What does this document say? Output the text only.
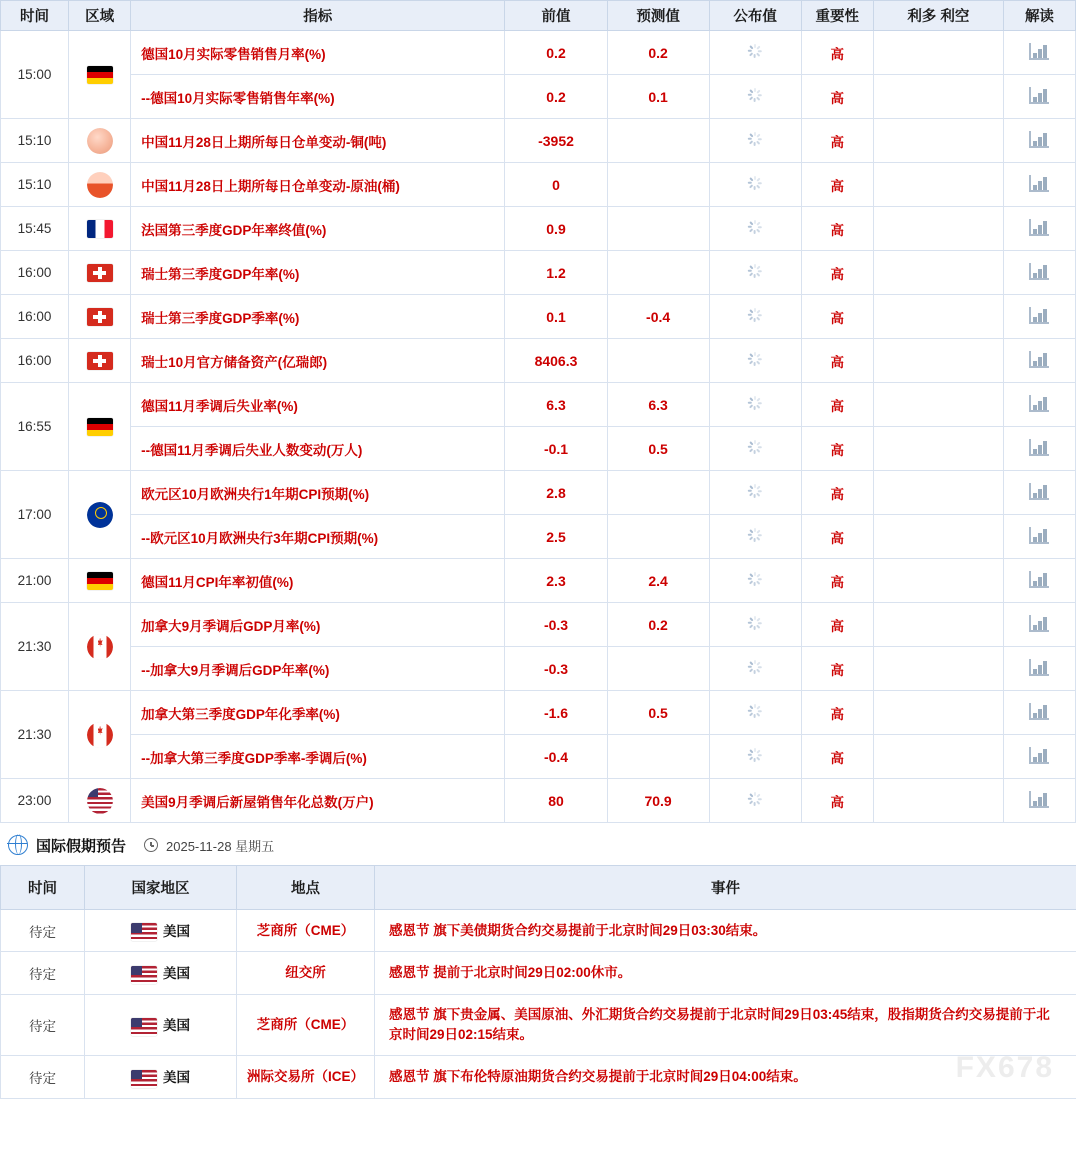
时间	区域	指标	前值	预测值	公布值	重要性	利多 利空	解读
15:00		德国10月实际零售销售月率(%)	0.2	0.2		高		

		--德国10月实际零售销售年率(%)	0.2	0.1		高		

15:10		中国11月28日上期所每日仓单变动-铜(吨)	-3952			高		

15:10		中国11月28日上期所每日仓单变动-原油(桶)	0			高		

15:45		法国第三季度GDP年率终值(%)	0.9			高		

16:00		瑞士第三季度GDP年率(%)	1.2			高		

16:00		瑞士第三季度GDP季率(%)	0.1	-0.4		高		

16:00		瑞士10月官方储备资产(亿瑞郎)	8406.3			高		

16:55		德国11月季调后失业率(%)	6.3	6.3		高		

		--德国11月季调后失业人数变动(万人)	-0.1	0.5		高		

17:00		欧元区10月欧洲央行1年期CPI预期(%)	2.8			高		

		--欧元区10月欧洲央行3年期CPI预期(%)	2.5			高		

21:00		德国11月CPI年率初值(%)	2.3	2.4		高		

21:30		加拿大9月季调后GDP月率(%)	-0.3	0.2		高		

		--加拿大9月季调后GDP年率(%)	-0.3			高		

21:30		加拿大第三季度GDP年化季率(%)	-1.6	0.5		高		

		--加拿大第三季度GDP季率-季调后(%)	-0.4			高		

23:00		美国9月季调后新屋销售年化总数(万户)	80	70.9		高		
国际假期预告	2025-11-28 星期五
时间	国家地区	地点	事件
待定	美国	芝商所（CME）	感恩节 旗下美债期货合约交易提前于北京时间29日03:30结束。
待定	美国	纽交所	感恩节 提前于北京时间29日02:00休市。
待定	美国	芝商所（CME）	感恩节 旗下贵金属、美国原油、外汇期货合约交易提前于北京时间29日03:45结束，股指期货合约交易提前于北京时间29日02:15结束。
待定	美国	洲际交易所（ICE）	感恩节 旗下布伦特原油期货合约交易提前于北京时间29日04:00结束。	FX678
